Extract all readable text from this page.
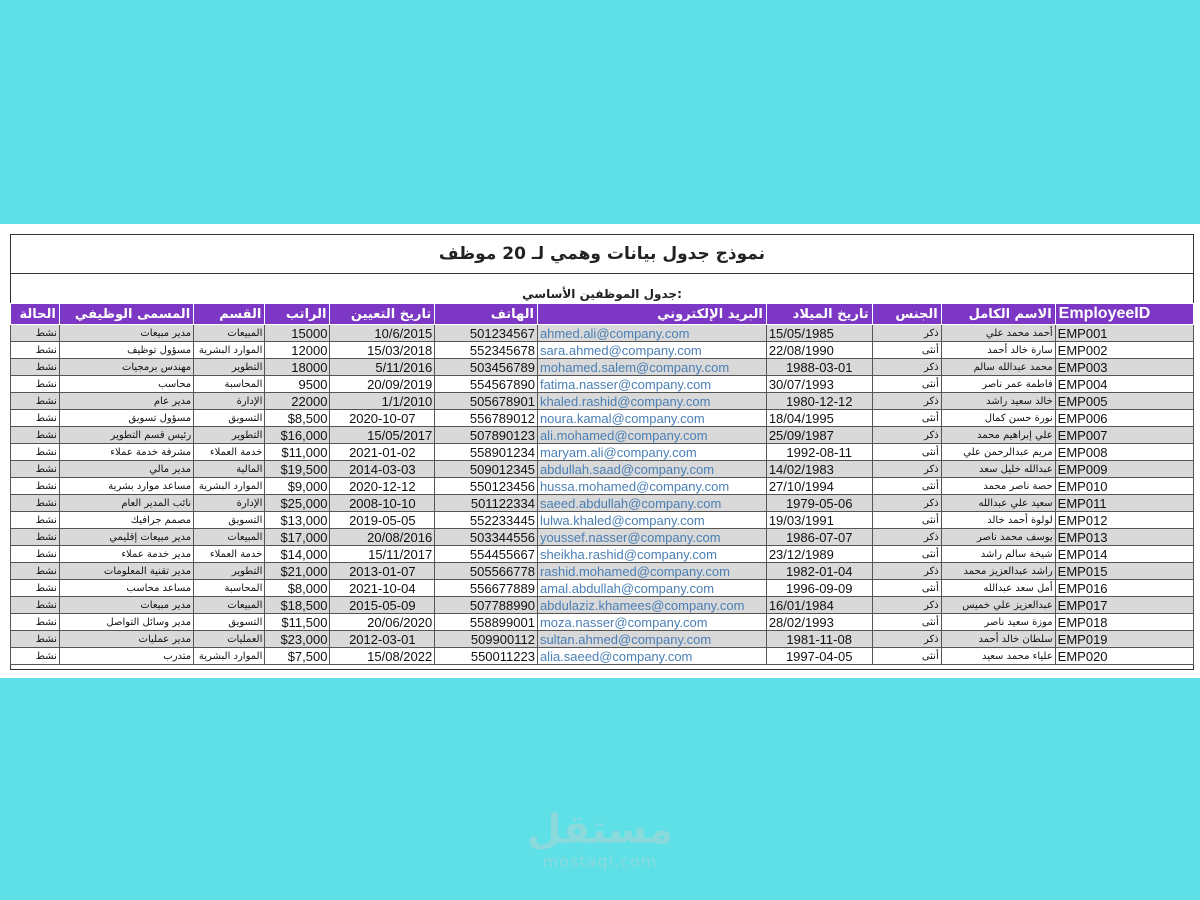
نموذج جدول بيانات وهمي لـ 20 موظف
جدول الموظفين الأساسي:
EmployeeID	الاسم الكامل	الجنس	تاريخ الميلاد	البريد الإلكتروني	الهاتف	تاريخ التعيين	الراتب	القسم	المسمى الوظيفي	الحالة
EMP001	أحمد محمد علي	ذكر	15/05/1985	ahmed.ali@company.com	501234567	10/6/2015	15000	المبيعات	مدير مبيعات	نشط
EMP002	سارة خالد أحمد	أنثى	22/08/1990	sara.ahmed@company.com	552345678	15/03/2018	12000	الموارد البشرية	مسؤول توظيف	نشط
EMP003	محمد عبدالله سالم	ذكر	1988-03-01	mohamed.salem@company.com	503456789	5/11/2016	18000	التطوير	مهندس برمجيات	نشط
EMP004	فاطمة عمر ناصر	أنثى	30/07/1993	fatima.nasser@company.com	554567890	20/09/2019	9500	المحاسبة	محاسب	نشط
EMP005	خالد سعيد راشد	ذكر	1980-12-12	khaled.rashid@company.com	505678901	1/1/2010	22000	الإدارة	مدير عام	نشط
EMP006	نورة حسن كمال	أنثى	18/04/1995	noura.kamal@company.com	556789012	2020-10-07	$8,500	التسويق	مسؤول تسويق	نشط
EMP007	علي إبراهيم محمد	ذكر	25/09/1987	ali.mohamed@company.com	507890123	15/05/2017	$16,000	التطوير	رئيس قسم التطوير	نشط
EMP008	مريم عبدالرحمن علي	أنثى	1992-08-11	maryam.ali@company.com	558901234	2021-01-02	$11,000	خدمة العملاء	مشرفة خدمة عملاء	نشط
EMP009	عبدالله خليل سعد	ذكر	14/02/1983	abdullah.saad@company.com	509012345	2014-03-03	$19,500	المالية	مدير مالي	نشط
EMP010	حصة ناصر محمد	أنثى	27/10/1994	hussa.mohamed@company.com	550123456	2020-12-12	$9,000	الموارد البشرية	مساعد موارد بشرية	نشط
EMP011	سعيد علي عبدالله	ذكر	1979-05-06	saeed.abdullah@company.com	501122334	2008-10-10	$25,000	الإدارة	نائب المدير العام	نشط
EMP012	لولوة أحمد خالد	أنثى	19/03/1991	lulwa.khaled@company.com	552233445	2019-05-05	$13,000	التسويق	مصمم جرافيك	نشط
EMP013	يوسف محمد ناصر	ذكر	1986-07-07	youssef.nasser@company.com	503344556	20/08/2016	$17,000	المبيعات	مدير مبيعات إقليمي	نشط
EMP014	شيخة سالم راشد	أنثى	23/12/1989	sheikha.rashid@company.com	554455667	15/11/2017	$14,000	خدمة العملاء	مدير خدمة عملاء	نشط
EMP015	راشد عبدالعزيز محمد	ذكر	1982-01-04	rashid.mohamed@company.com	505566778	2013-01-07	$21,000	التطوير	مدير تقنية المعلومات	نشط
EMP016	أمل سعد عبدالله	أنثى	1996-09-09	amal.abdullah@company.com	556677889	2021-10-04	$8,000	المحاسبة	مساعد محاسب	نشط
EMP017	عبدالعزيز علي خميس	ذكر	16/01/1984	abdulaziz.khamees@company.com	507788990	2015-05-09	$18,500	المبيعات	مدير مبيعات	نشط
EMP018	موزة سعيد ناصر	أنثى	28/02/1993	moza.nasser@company.com	558899001	20/06/2020	$11,500	التسويق	مدير وسائل التواصل	نشط
EMP019	سلطان خالد أحمد	ذكر	1981-11-08	sultan.ahmed@company.com	509900112	2012-03-01	$23,000	العمليات	مدير عمليات	نشط
EMP020	علياء محمد سعيد	أنثى	1997-04-05	alia.saeed@company.com	550011223	15/08/2022	$7,500	الموارد البشرية	متدرب	نشط
مستقل
mostaql.com
